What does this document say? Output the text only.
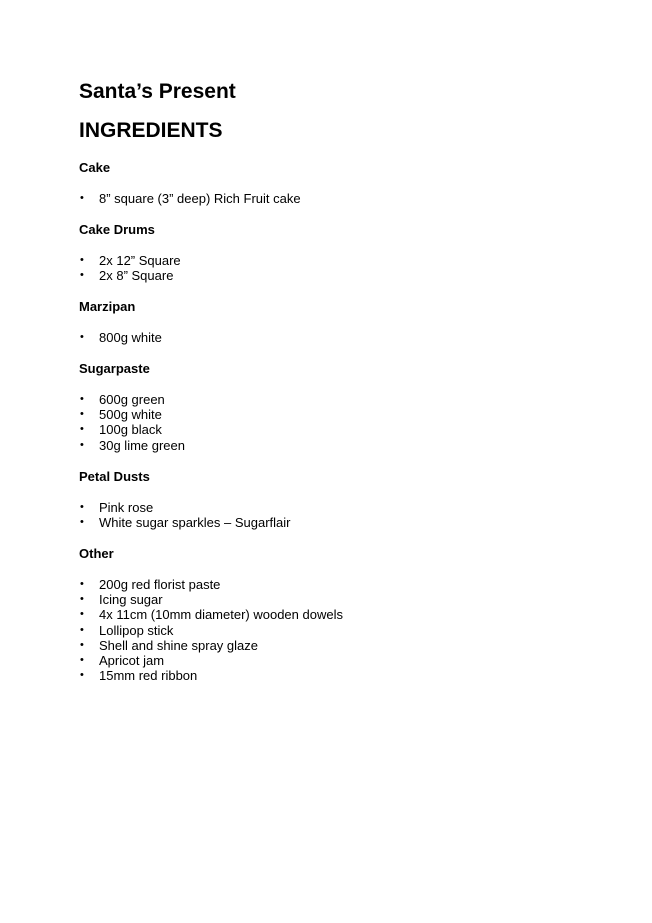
Santa’s Present
INGREDIENTS

Cake

• 8” square (3” deep) Rich Fruit cake

Cake Drums

• 2x 12” Square
• 2x 8” Square

Marzipan

• 800g white

Sugarpaste

• 600g green
• 500g white
• 100g black
• 30g lime green

Petal Dusts

• Pink rose
• White sugar sparkles – Sugarflair

Other

• 200g red florist paste
• Icing sugar
• 4x 11cm (10mm diameter) wooden dowels
• Lollipop stick
• Shell and shine spray glaze
• Apricot jam
• 15mm red ribbon
